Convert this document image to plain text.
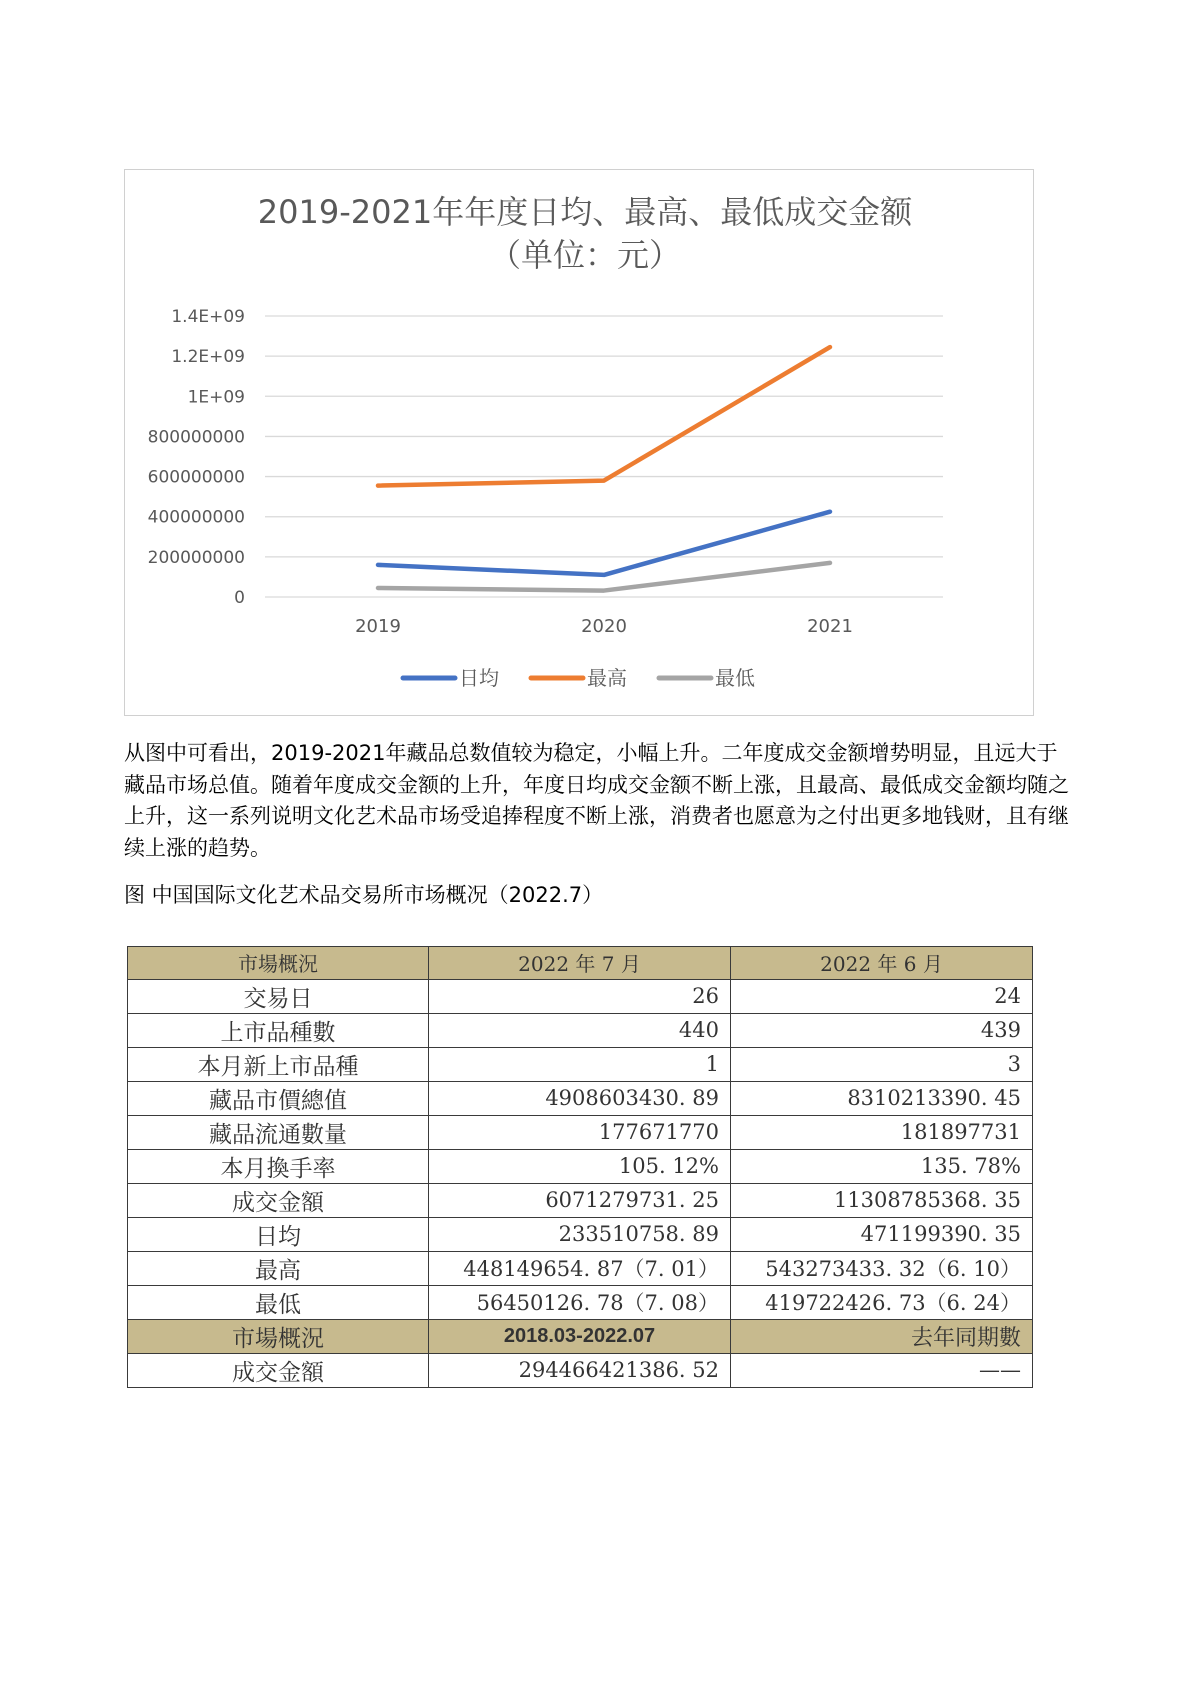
2019-2021年年度日均、最高、最低成交金额
（单位：元）
0
200000000
400000000
600000000
800000000
1E+09
1.2E+09
1.4E+09
2019	2020	2021
日均	最高	最低

从图中可看出，2019-2021年藏品总数值较为稳定，小幅上升。二年度成交金额增势明显，且远大于藏品市场总值。随着年度成交金额的上升，年度日均成交金额不断上涨，且最高、最低成交金额均随之上升，这一系列说明文化艺术品市场受追捧程度不断上涨，消费者也愿意为之付出更多地钱财，且有继续上涨的趋势。

图 中国国际文化艺术品交易所市场概况（2022.7）

市場概況	2022 年 7 月	2022 年 6 月
交易日	26	24
上市品種數	440	439
本月新上市品種	1	3
藏品市價總值	4908603430. 89	8310213390. 45
藏品流通數量	177671770	181897731
本月換手率	105. 12%	135. 78%
成交金額	6071279731. 25	11308785368. 35
日均	233510758. 89	471199390. 35
最高	448149654. 87（7. 01）	543273433. 32（6. 10）
最低	56450126. 78（7. 08）	419722426. 73（6. 24）
市場概況	2018.03-2022.07	去年同期數
成交金額	294466421386. 52	——
